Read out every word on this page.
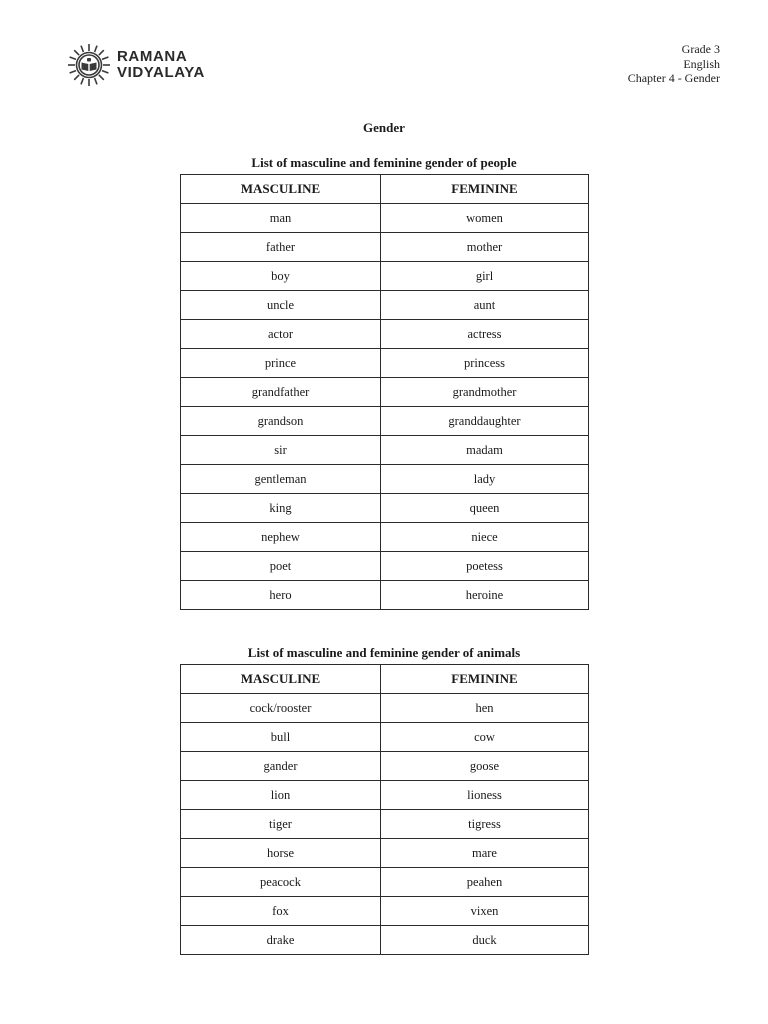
RAMANA
VIDYALAYA
Grade 3
English
Chapter 4 - Gender
Gender
List of masculine and feminine gender of people
MASCULINE	FEMININE
man	women
father	mother
boy	girl
uncle	aunt
actor	actress
prince	princess
grandfather	grandmother
grandson	granddaughter
sir	madam
gentleman	lady
king	queen
nephew	niece
poet	poetess
hero	heroine
List of masculine and feminine gender of animals
MASCULINE	FEMININE
cock/rooster	hen
bull	cow
gander	goose
lion	lioness
tiger	tigress
horse	mare
peacock	peahen
fox	vixen
drake	duck
